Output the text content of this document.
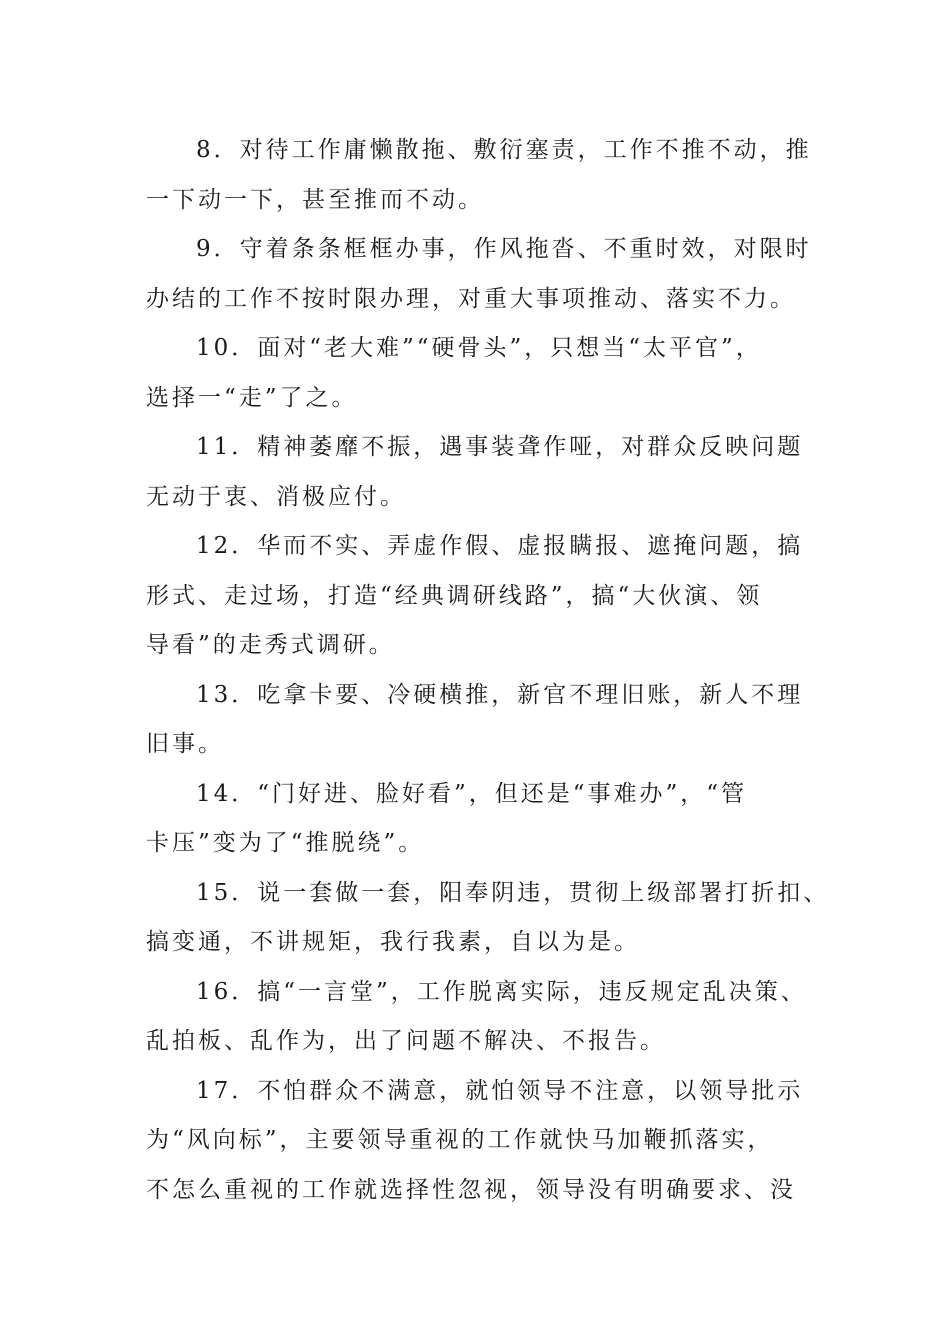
8．对待工作庸懒散拖、敷衍塞责，工作不推不动，推
一下动一下，甚至推而不动。
9．守着条条框框办事，作风拖沓、不重时效，对限时
办结的工作不按时限办理，对重大事项推动、落实不力。
10．面对“老大难”“硬骨头”，只想当“太平官”，
选择一“走”了之。
11．精神萎靡不振，遇事装聋作哑，对群众反映问题
无动于衷、消极应付。
12．华而不实、弄虚作假、虚报瞒报、遮掩问题，搞
形式、走过场，打造“经典调研线路”，搞“大伙演、领
导看”的走秀式调研。
13．吃拿卡要、冷硬横推，新官不理旧账，新人不理
旧事。
14．“门好进、脸好看”，但还是“事难办”，“管
卡压”变为了“推脱绕”。
15．说一套做一套，阳奉阴违，贯彻上级部署打折扣、
搞变通，不讲规矩，我行我素，自以为是。
16．搞“一言堂”，工作脱离实际，违反规定乱决策、
乱拍板、乱作为，出了问题不解决、不报告。
17．不怕群众不满意，就怕领导不注意，以领导批示
为“风向标”，主要领导重视的工作就快马加鞭抓落实，
不怎么重视的工作就选择性忽视，领导没有明确要求、没
